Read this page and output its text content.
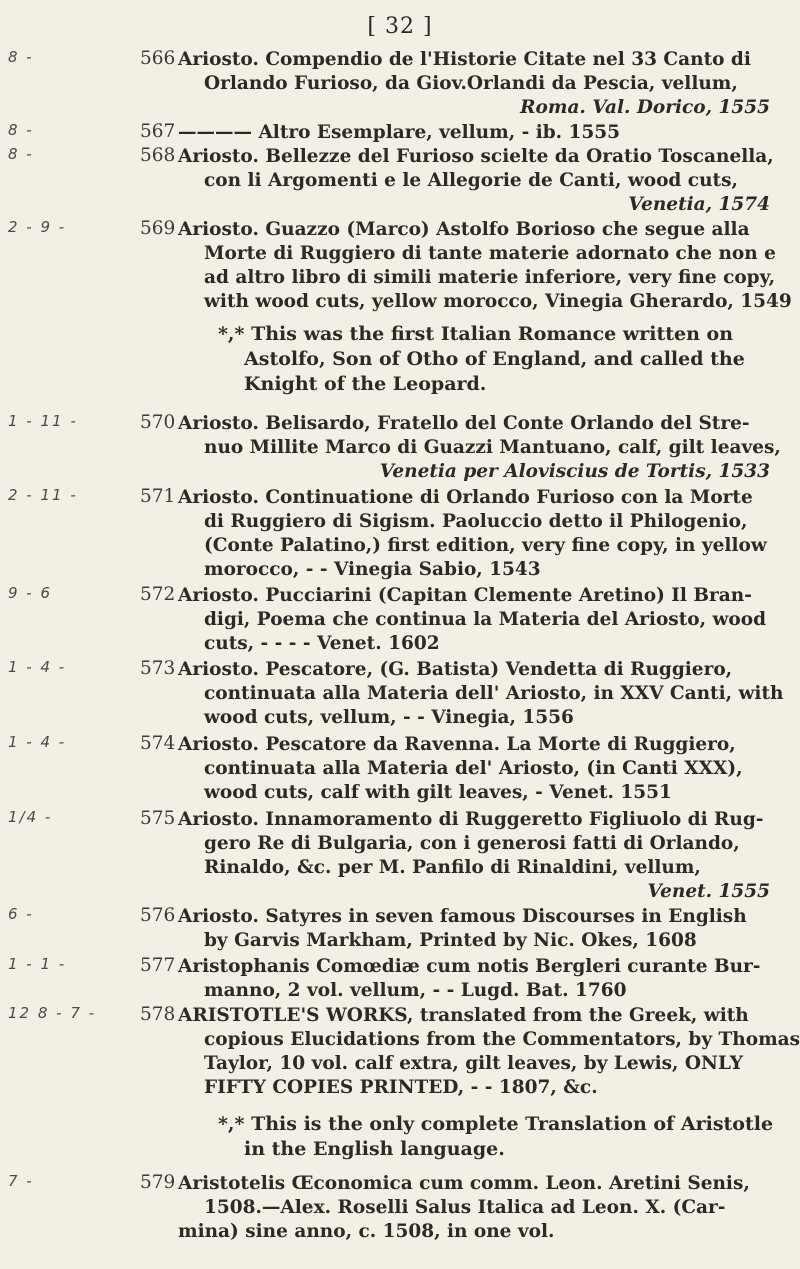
[ 32 ]
8 -	566 Ariosto. Compendio de l'Historie Citate nel 33 Canto di
Orlando Furioso, da Giov.Orlandi da Pescia, vellum,
Roma. Val. Dorico, 1555
8 -	567 ———— Altro Esemplare, vellum, - ib. 1555
8 -	568 Ariosto. Bellezze del Furioso scielte da Oratio Toscanella,
con li Argomenti e le Allegorie de Canti, wood cuts,
Venetia, 1574
2 - 9 -	569 Ariosto. Guazzo (Marco) Astolfo Borioso che segue alla
Morte di Ruggiero di tante materie adornato che non e
ad altro libro di simili materie inferiore, very fine copy,
with wood cuts, yellow morocco, Vinegia Gherardo, 1549
*,* This was the first Italian Romance written on
Astolfo, Son of Otho of England, and called the
Knight of the Leopard.
1 - 11 -	570 Ariosto. Belisardo, Fratello del Conte Orlando del Stre-
nuo Millite Marco di Guazzi Mantuano, calf, gilt leaves,
Venetia per Aloviscius de Tortis, 1533
2 - 11 -	571 Ariosto. Continuatione di Orlando Furioso con la Morte
di Ruggiero di Sigism. Paoluccio detto il Philogenio,
(Conte Palatino,) first edition, very fine copy, in yellow
morocco, - - Vinegia Sabio, 1543
9 - 6	572 Ariosto. Pucciarini (Capitan Clemente Aretino) Il Bran-
digi, Poema che continua la Materia del Ariosto, wood
cuts, - - - - Venet. 1602
1 - 4 -	573 Ariosto. Pescatore, (G. Batista) Vendetta di Ruggiero,
continuata alla Materia dell' Ariosto, in XXV Canti, with
wood cuts, vellum, - - Vinegia, 1556
1 - 4 -	574 Ariosto. Pescatore da Ravenna. La Morte di Ruggiero,
continuata alla Materia del' Ariosto, (in Canti XXX),
wood cuts, calf with gilt leaves, - Venet. 1551
1/4 -	575 Ariosto. Innamoramento di Ruggeretto Figliuolo di Rug-
gero Re di Bulgaria, con i generosi fatti di Orlando,
Rinaldo, &c. per M. Panfilo di Rinaldini, vellum,
Venet. 1555
6 -	576 Ariosto. Satyres in seven famous Discourses in English
by Garvis Markham, Printed by Nic. Okes, 1608
1 - 1 -	577 Aristophanis Comœdiæ cum notis Bergleri curante Bur-
manno, 2 vol. vellum, - - Lugd. Bat. 1760
12 8 - 7 -	578 ARISTOTLE'S WORKS, translated from the Greek, with
copious Elucidations from the Commentators, by Thomas
Taylor, 10 vol. calf extra, gilt leaves, by Lewis, ONLY
FIFTY COPIES PRINTED, - - 1807, &c.
*,* This is the only complete Translation of Aristotle
in the English language.
7 -	579 Aristotelis Œconomica cum comm. Leon. Aretini Senis,
1508.—Alex. Roselli Salus Italica ad Leon. X. (Car-
mina) sine anno, c. 1508, in one vol.
